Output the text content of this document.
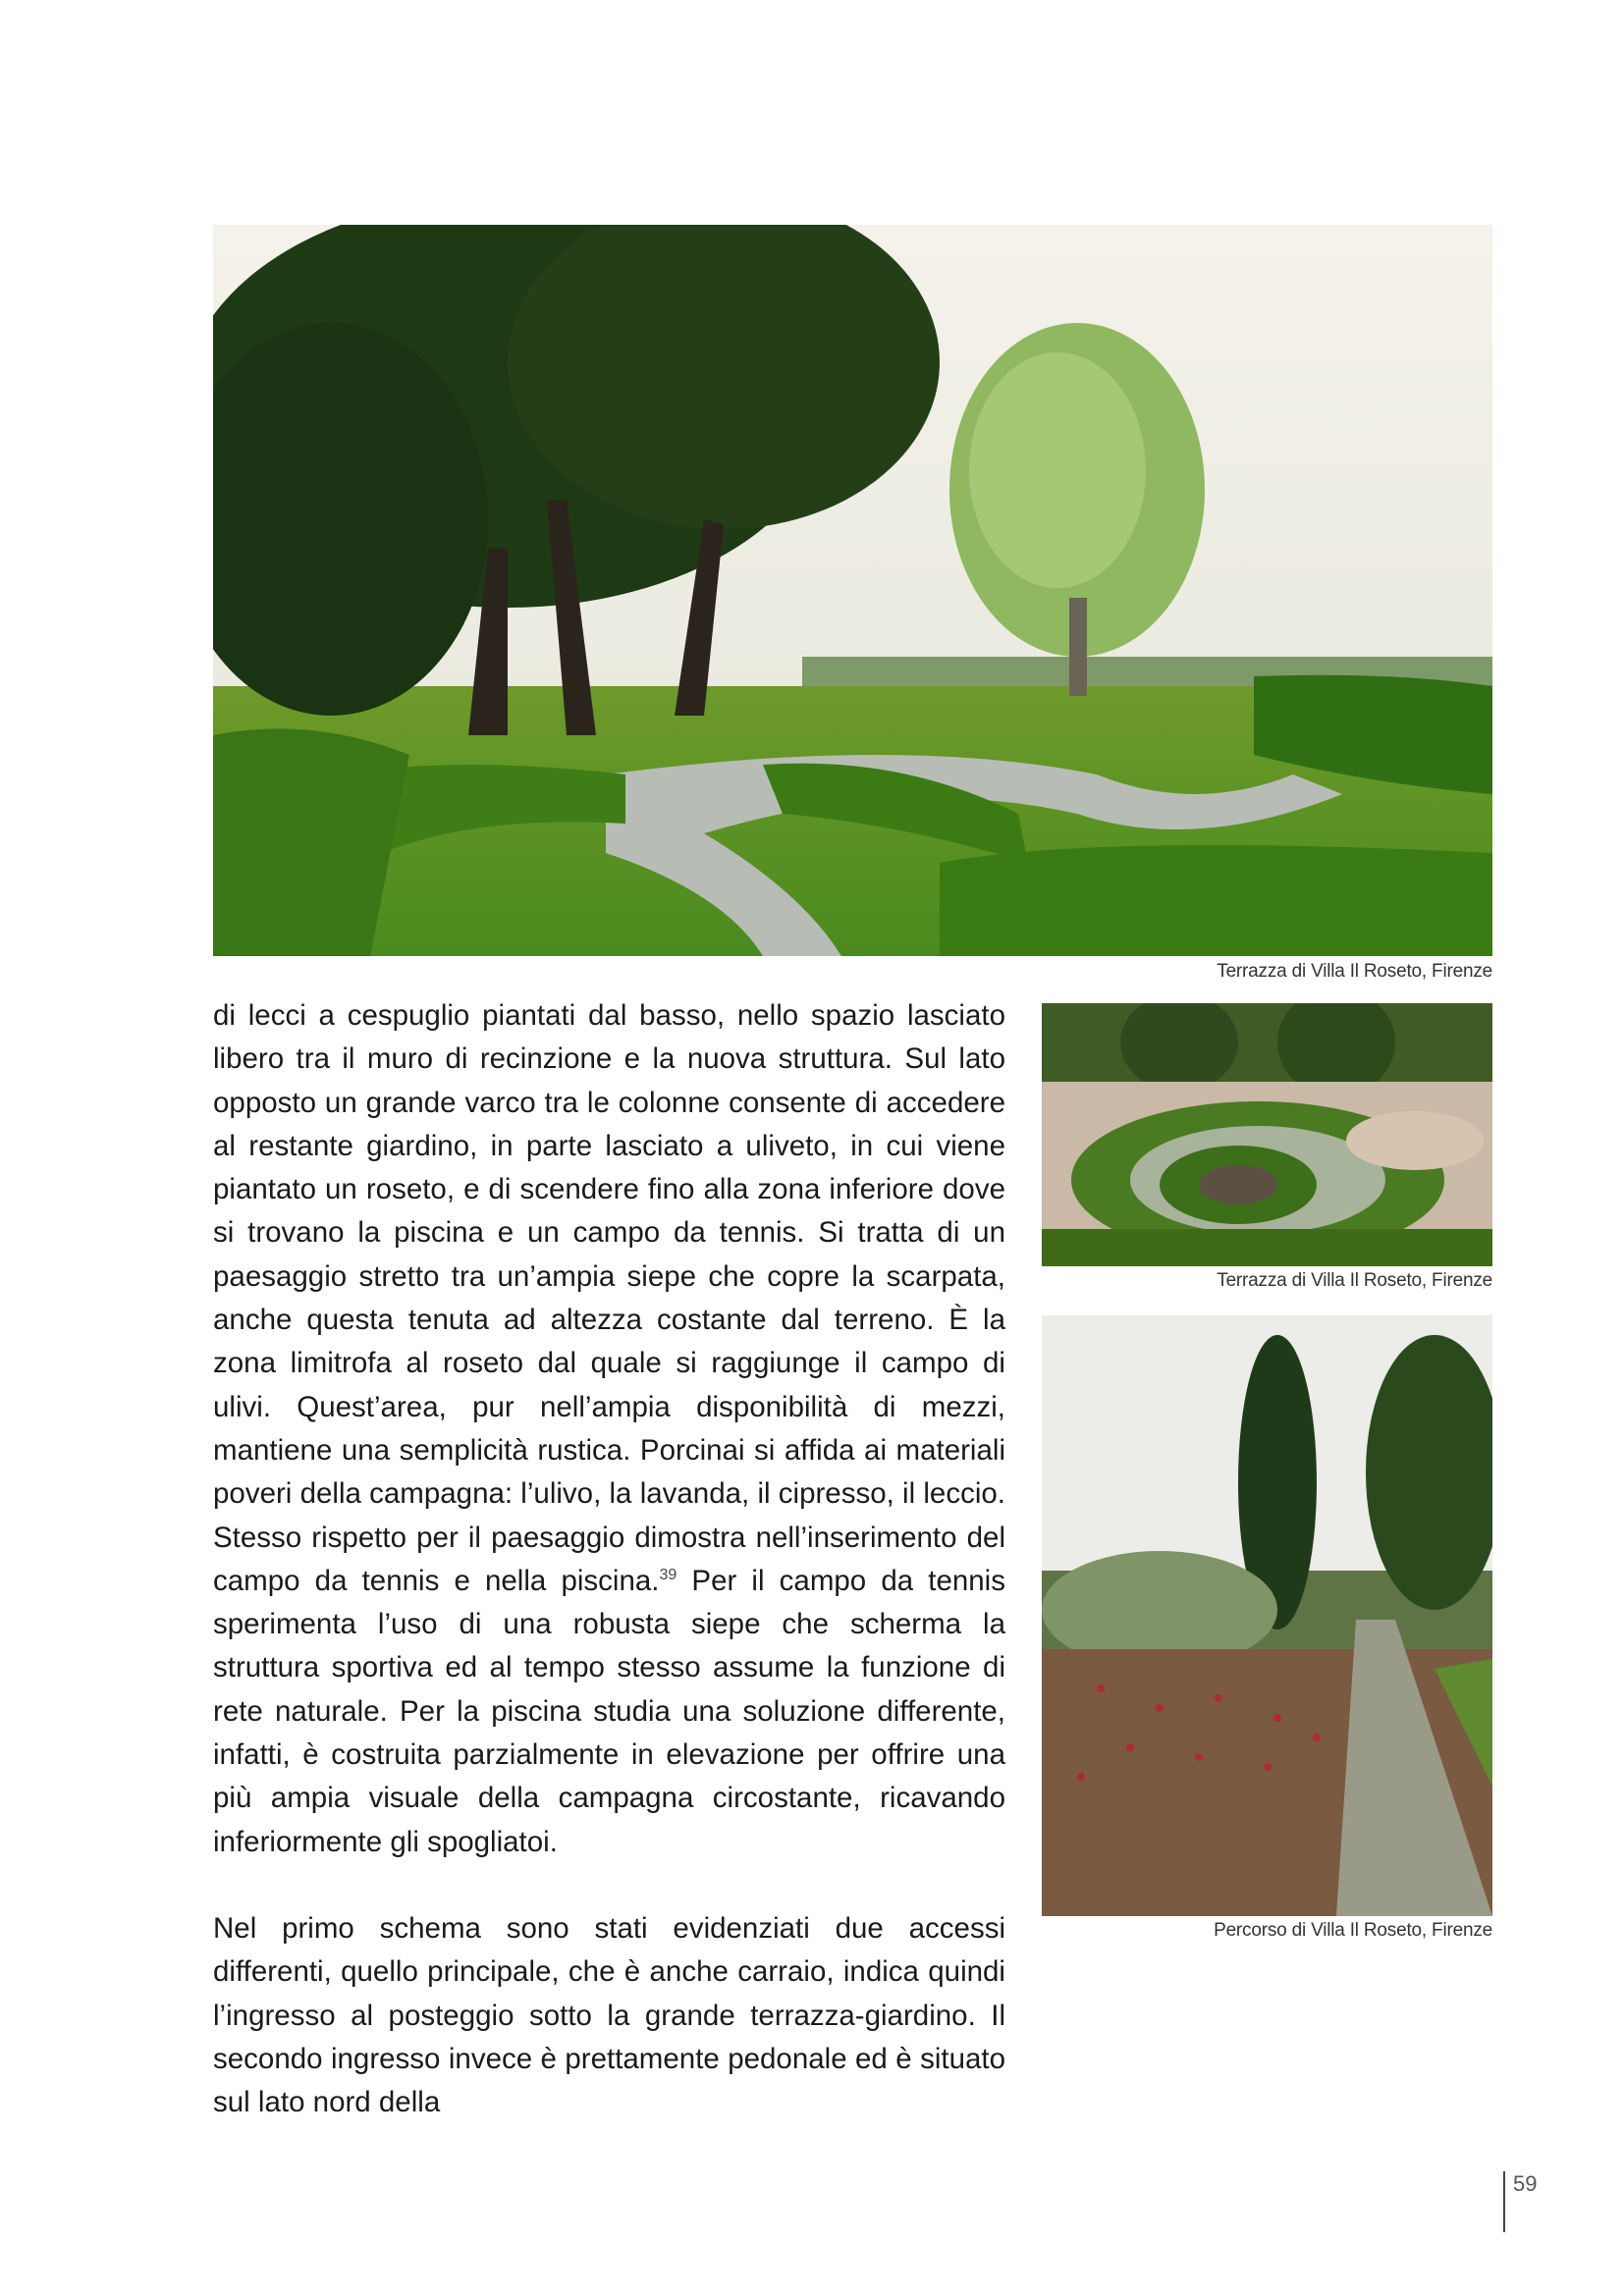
Terrazza di Villa Il Roseto, Firenze
Terrazza di Villa Il Roseto, Firenze
Percorso di Villa Il Roseto, Firenze

di lecci a cespuglio piantati dal basso, nello spazio lasciato libero tra il muro di recinzione e la nuova struttura. Sul lato opposto un grande varco tra le colonne consente di accedere al restante giardino, in parte lasciato a uliveto, in cui viene piantato un roseto, e di scendere fino alla zona inferiore dove si trovano la piscina e un campo da tennis. Si tratta di un paesaggio stretto tra un’ampia siepe che copre la scarpata, anche questa tenuta ad altezza costante dal terreno. È la zona limitrofa al roseto dal quale si raggiunge il campo di ulivi. Quest’area, pur nell’ampia disponibilità di mezzi, mantiene una semplicità rustica. Porcinai si affida ai materiali poveri della campagna: l’ulivo, la lavanda, il cipresso, il leccio. Stesso rispetto per il paesaggio dimostra nell’inserimento del campo da tennis e nella piscina.$^{39}$ Per il campo da tennis sperimenta l’uso di una robusta siepe che scherma la struttura sportiva ed al tempo stesso assume la funzione di rete naturale. Per la piscina studia una soluzione differente, infatti, è costruita parzialmente in elevazione per offrire una più ampia visuale della campagna circostante, ricavando inferiormente gli spogliatoi.

Nel primo schema sono stati evidenziati due accessi differenti, quello principale, che è anche carraio, indica quindi l’ingresso al posteggio sotto la grande terrazza-giardino. Il secondo ingresso invece è prettamente pedonale ed è situato sul lato nord della

59
